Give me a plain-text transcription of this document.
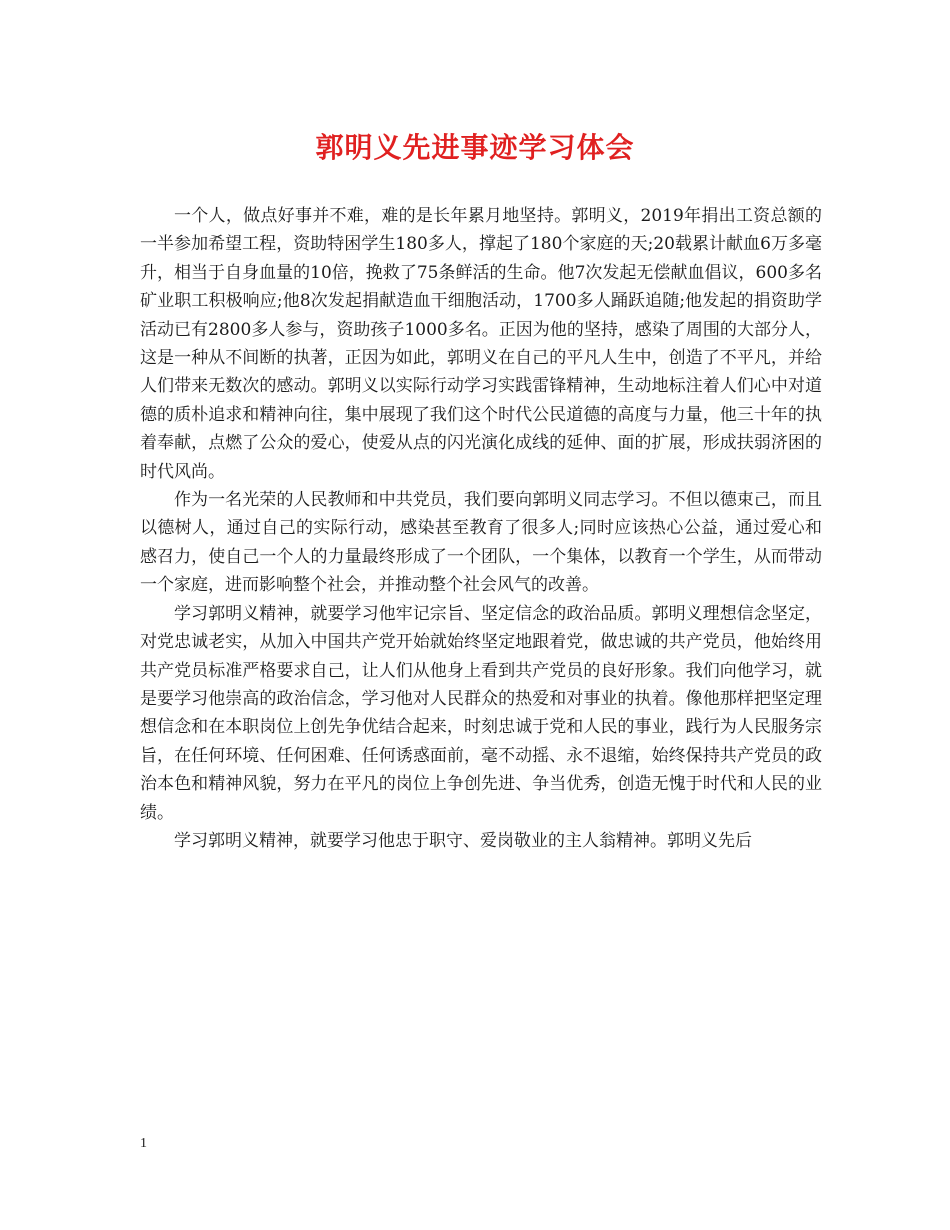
郭明义先进事迹学习体会

一个人，做点好事并不难，难的是长年累月地坚持。郭明义，2019年捐出工资总额的一半参加希望工程，资助特困学生180多人，撑起了180个家庭的天;20载累计献血6万多毫升，相当于自身血量的10倍，挽救了75条鲜活的生命。他7次发起无偿献血倡议，600多名矿业职工积极响应;他8次发起捐献造血干细胞活动，1700多人踊跃追随;他发起的捐资助学活动已有2800多人参与，资助孩子1000多名。正因为他的坚持，感染了周围的大部分人，这是一种从不间断的执著，正因为如此，郭明义在自己的平凡人生中，创造了不平凡，并给人们带来无数次的感动。郭明义以实际行动学习实践雷锋精神，生动地标注着人们心中对道德的质朴追求和精神向往，集中展现了我们这个时代公民道德的高度与力量，他三十年的执着奉献，点燃了公众的爱心，使爱从点的闪光演化成线的延伸、面的扩展，形成扶弱济困的时代风尚。

作为一名光荣的人民教师和中共党员，我们要向郭明义同志学习。不但以德束己，而且以德树人，通过自己的实际行动，感染甚至教育了很多人;同时应该热心公益，通过爱心和感召力，使自己一个人的力量最终形成了一个团队，一个集体，以教育一个学生，从而带动一个家庭，进而影响整个社会，并推动整个社会风气的改善。

学习郭明义精神，就要学习他牢记宗旨、坚定信念的政治品质。郭明义理想信念坚定，对党忠诚老实，从加入中国共产党开始就始终坚定地跟着党，做忠诚的共产党员，他始终用共产党员标准严格要求自己，让人们从他身上看到共产党员的良好形象。我们向他学习，就是要学习他崇高的政治信念，学习他对人民群众的热爱和对事业的执着。像他那样把坚定理想信念和在本职岗位上创先争优结合起来，时刻忠诚于党和人民的事业，践行为人民服务宗旨，在任何环境、任何困难、任何诱惑面前，毫不动摇、永不退缩，始终保持共产党员的政治本色和精神风貌，努力在平凡的岗位上争创先进、争当优秀，创造无愧于时代和人民的业绩。

学习郭明义精神，就要学习他忠于职守、爱岗敬业的主人翁精神。郭明义先后

1
